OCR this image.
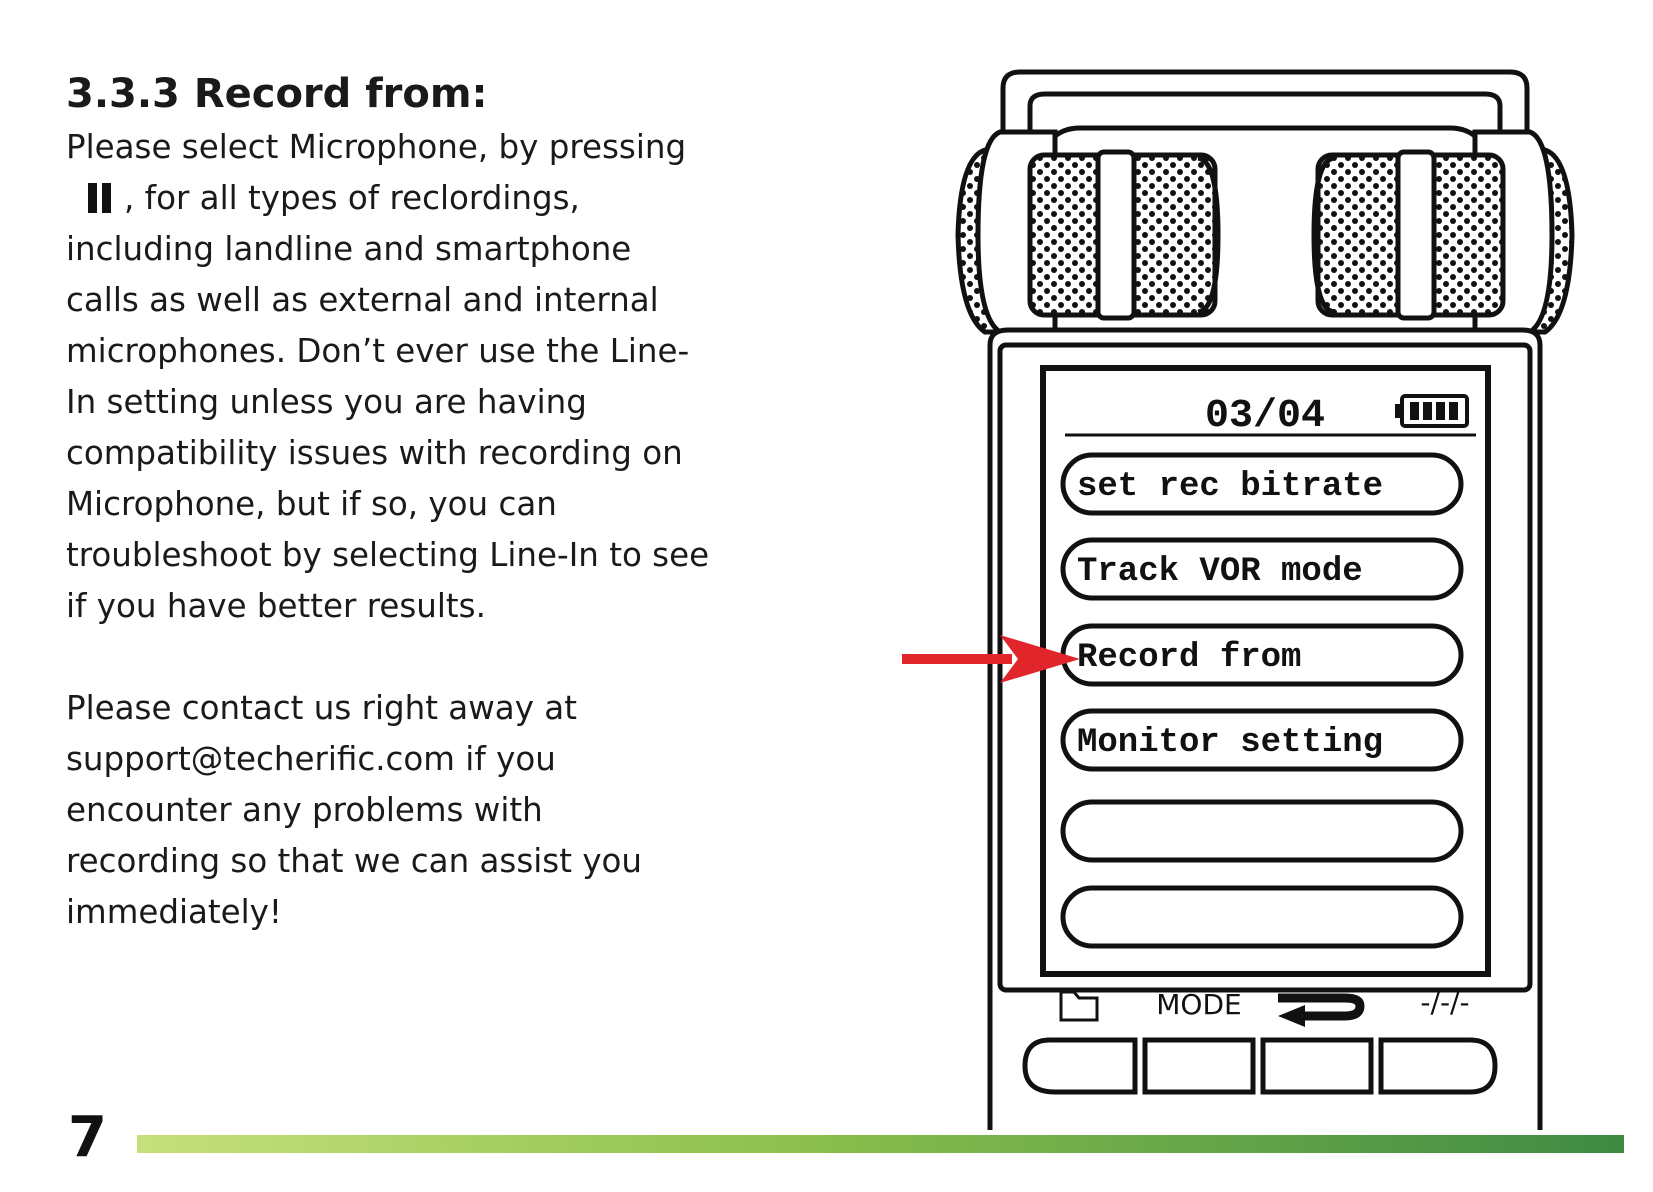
3.3.3 Record from:

Please select Microphone, by pressing

, for all types of reclordings,

including landline and smartphone

calls as well as external and internal

microphones. Don’t ever use the Line-

In setting unless you are having

compatibility issues with recording on

Microphone, but if so, you can

troubleshoot by selecting Line-In to see

if you have better results.

Please contact us right away at

support@techerific.com if you

encounter any problems with

recording so that we can assist you

immediately!

03/04
set rec bitrate
Track VOR mode
Record from
Monitor setting
MODE	-/-/-
7
